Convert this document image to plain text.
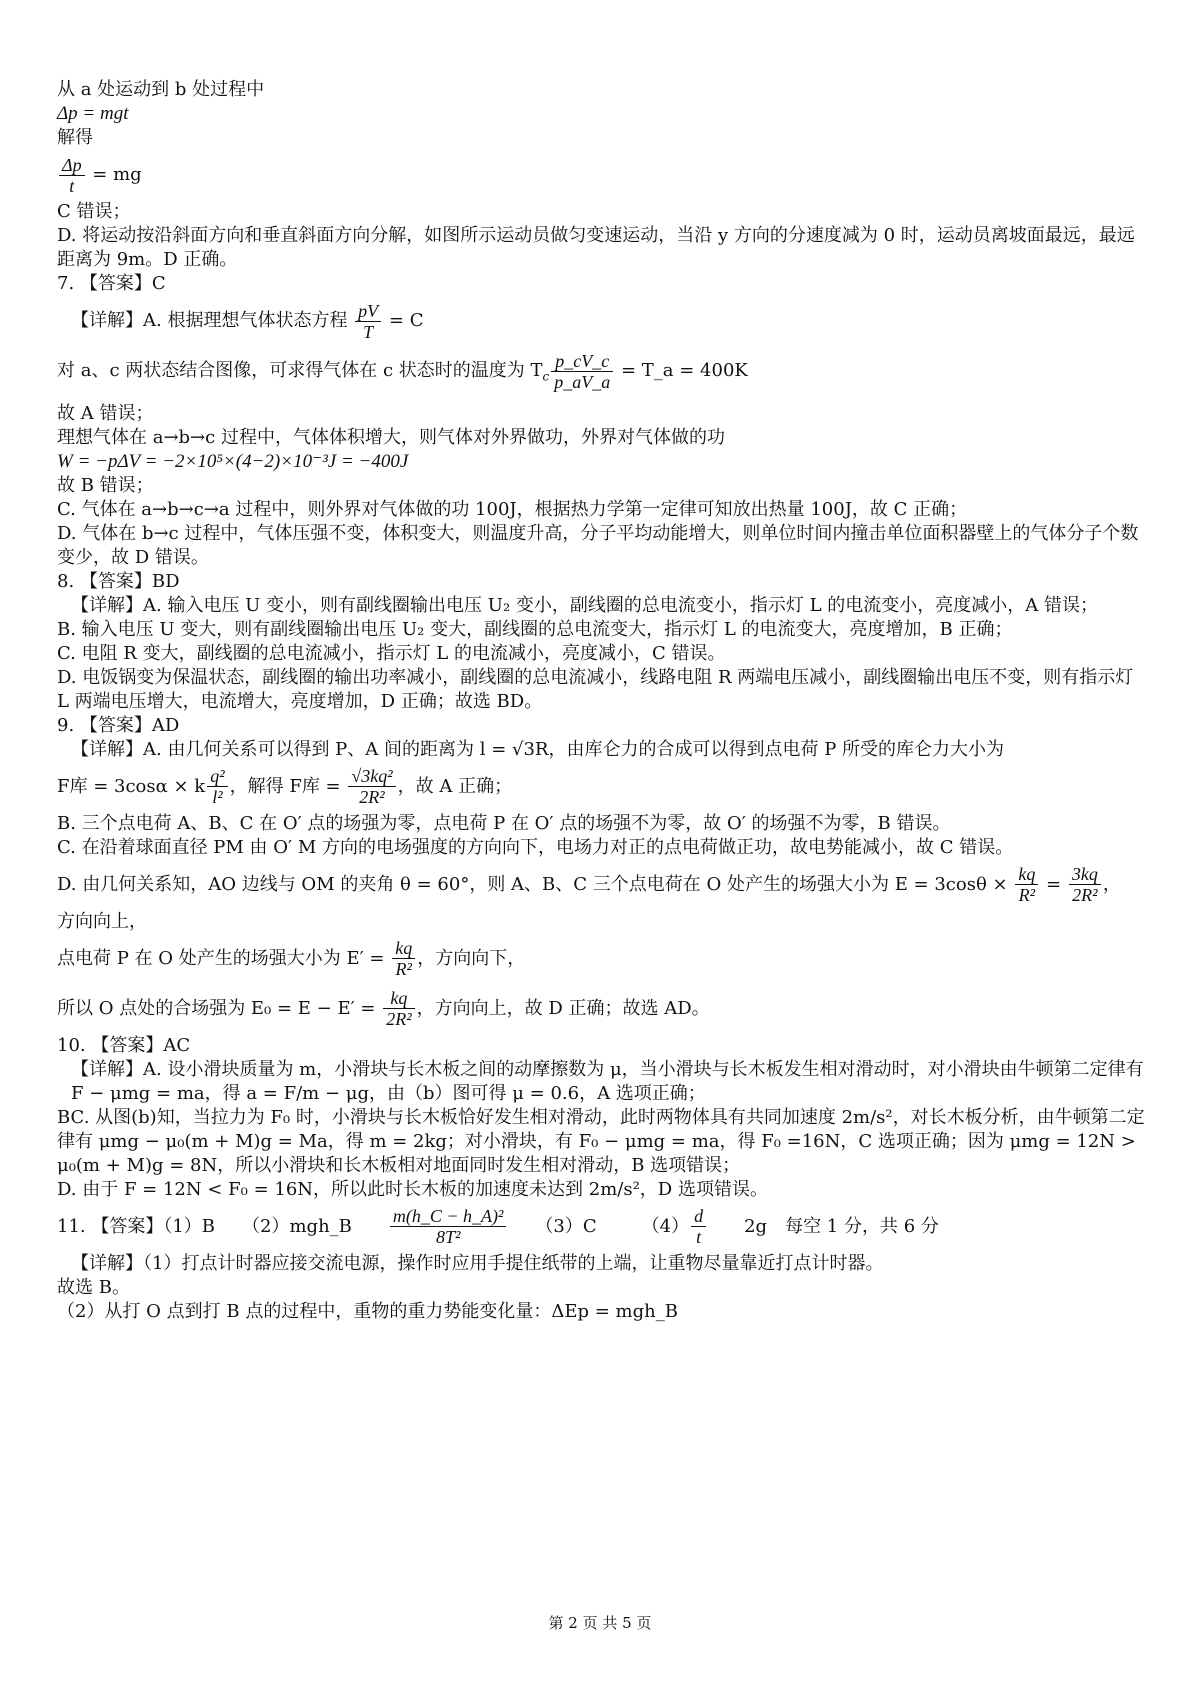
从 a 处运动到 b 处过程中
Δp = mgt
解得
$\frac{\Delta p}{t}$ = mg
C 错误；
D. 将运动按沿斜面方向和垂直斜面方向分解，如图所示运动员做匀变速运动，当沿 y 方向的分速度减为 0 时，运动员离坡面最远，最远距离为 9m。D 正确。
7. 【答案】C
【详解】A. 根据理想气体状态方程 $\frac{pV}{T} = C$
对 a、c 两状态结合图像，可求得气体在 c 状态时的温度为 $T_c \frac{p\_cV\_c}{p\_aV\_a}$ = T_a = 400K
故 A 错误；
理想气体在 a→b→c 过程中，气体体积增大，则气体对外界做功，外界对气体做的功
W = −pΔV = −2×10⁵×(4−2)×10⁻³J = −400J
故 B 错误；
C. 气体在 a→b→c→a 过程中，则外界对气体做的功 100J，根据热力学第一定律可知放出热量 100J，故 C 正确；
D. 气体在 b→c 过程中，气体压强不变，体积变大，则温度升高，分子平均动能增大，则单位时间内撞击单位面积器壁上的气体分子个数变少，故 D 错误。
8. 【答案】BD
【详解】A. 输入电压 U 变小，则有副线圈输出电压 U₂ 变小，副线圈的总电流变小，指示灯 L 的电流变小，亮度减小，A 错误；
B. 输入电压 U 变大，则有副线圈输出电压 U₂ 变大，副线圈的总电流变大，指示灯 L 的电流变大，亮度增加，B 正确；
C. 电阻 R 变大，副线圈的总电流减小，指示灯 L 的电流减小，亮度减小，C 错误。
D. 电饭锅变为保温状态，副线圈的输出功率减小，副线圈的总电流减小，线路电阻 R 两端电压减小，副线圈输出电压不变，则有指示灯 L 两端电压增大，电流增大，亮度增加，D 正确；故选 BD。
9. 【答案】AD
【详解】A. 由几何关系可以得到 P、A 间的距离为 l = √3R，由库仑力的合成可以得到点电荷 P 所受的库仑力大小为
F库 = 3cosα × k $\frac{\text{q²}}{\text{l²}}$ ，解得 F库 = $\frac{\text{√3kq²}}{\text{2R²}}$ ，故 A 正确；
B. 三个点电荷 A、B、C 在 O′ 点的场强为零，点电荷 P 在 O′ 点的场强不为零，故 O′ 的场强不为零，B 错误。
C. 在沿着球面直径 PM 由 O′ M 方向的电场强度的方向向下，电场力对正的点电荷做正功，故电势能减小，故 C 错误。
D. 由几何关系知，AO 边线与 OM 的夹角 θ = 60°，则 A、B、C 三个点电荷在 O 处产生的场强大小为 $E = 3\cos\theta \times \frac{kq}{\text{R²}} = \frac{3kq}{\text{2R²}}$ ，
方向向上，
点电荷 P 在 O 处产生的场强大小为 $E' = \frac{kq}{\text{R²}}$ ，方向向下，
所以 O 点处的合场强为 $E_0 = E - E' = \frac{kq}{\text{2R²}}$ ，方向向上，故 D 正确；故选 AD。
10. 【答案】AC
【详解】A. 设小滑块质量为 m，小滑块与长木板之间的动摩擦数为 μ，当小滑块与长木板发生相对滑动时，对小滑块由牛顿第二定律有 F − μmg = ma，得 a = F/m − μg，由（b）图可得 μ = 0.6，A 选项正确；
BC. 从图(b)知，当拉力为 F₀ 时，小滑块与长木板恰好发生相对滑动，此时两物体具有共同加速度 2m/s²，对长木板分析，由牛顿第二定律有 μmg − μ₀(m + M)g = Ma，得 m = 2kg；对小滑块，有 F₀ − μmg = ma，得 F₀ =16N，C 选项正确；因为 μmg = 12N > μ₀(m + M)g = 8N，所以小滑块和长木板相对地面同时发生相对滑动，B 选项错误；
D. 由于 F = 12N < F₀ = 16N，所以此时长木板的加速度未达到 2m/s²，D 选项错误。
11. 【答案】（1）B　　（2）mgh_B　　 $\frac{\text{m(h\_C − h\_A)²}}{\text{8T²}}$ 　　（3）C　　　$(4) \frac{d}{t}$ 　　2g　每空 1 分，共 6 分
【详解】（1）打点计时器应接交流电源，操作时应用手提住纸带的上端，让重物尽量靠近打点计时器。
故选 B。
（2）从打 O 点到打 B 点的过程中，重物的重力势能变化量：ΔEp = mgh_B
第 2 页 共 5 页
